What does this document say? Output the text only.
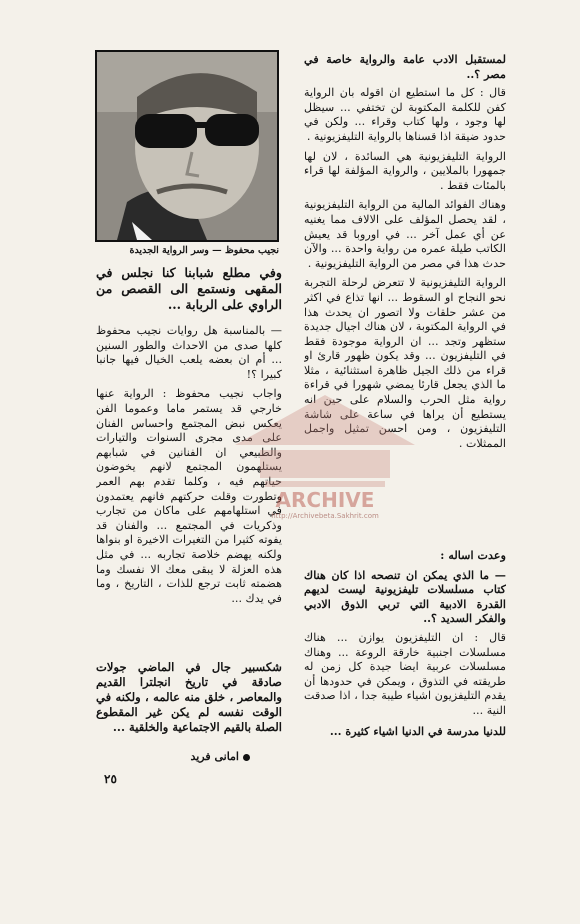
لمستقبل الادب عامة والرواية خاصة في مصر ؟..

قال : كل ما استطيع ان اقوله بان الرواية كفن للكلمة المكتوبة لن تختفي ... سيظل لها وجود ، ولها كتاب وقراء ... ولكن في حدود ضيقة اذا قسناها بالرواية التليفزيونية .

الرواية التليفزيونية هي السائدة ، لان لها جمهورا بالملايين ، والرواية المؤلفة لها قراء بالمئات فقط .

وهناك الفوائد المالية من الرواية التليفزيونية ، لقد يحصل المؤلف على الالاف مما يغنيه عن أي عمل آخر ... في اوروبا قد يعيش الكاتب طيلة عمره من رواية واحدة ... والآن حدث هذا في مصر من الرواية التليفزيونية .

الرواية التليفزيونية لا تتعرض لرحلة التجربة نحو النجاح او السقوط ... انها تذاع في اكثر من عشر حلقات ولا اتصور ان يحدث هذا في الرواية المكتوبة ، لان هناك اجيال جديدة ستظهر وتجد ... ان الرواية موجودة فقط في التليفزيون ... وقد يكون ظهور قارئ او قراء من ذلك الجيل ظاهرة استثنائية ، مثلا ما الذي يجعل قارئا يمضي شهورا في قراءة رواية مثل الحرب والسلام على حين انه يستطيع أن يراها في ساعة على شاشة التليفزيون ، ومن احسن تمثيل واجمل الممثلات .

نجيب محفوظ — وسر الرواية الجديدة
وفي مطلع شبابنا كنا نجلس في المقهى ونستمع الى القصص من الراوي على الربابة ...

— بالمناسبة هل روايات نجيب محفوظ كلها صدى من الاحداث والطور السنين ... أم ان بعضه يلعب الخيال فيها جانبا كبيرا ؟!

واجاب نجيب محفوظ : الرواية عنها خارجي قد يستمر ماما وعموما الفن يعكس نبض المجتمع واحساس الفنان على مدى مجرى السنوات والتيارات والطبيعي ان الفنانين في شبابهم يستلهمون المجتمع لانهم يخوضون حياتهم فيه ، وكلما تقدم بهم العمر وتطورت وقلت حركتهم فانهم يعتمدون في استلهامهم على ماكان من تجارب وذكريات في المجتمع ... والفنان قد يفوته كثيرا من التغيرات الاخيرة او بنواها ولكنه يهضم خلاصة تجاربه ... في مثل هذه العزلة لا يبقى معك الا نفسك وما هضمته ثابت ترجع للذات ، التاريخ ، وما في يدك ...

شكسبير جال في الماضي جولات صادقة في تاريخ انجلترا القديم والمعاصر ، خلق منه عالمه ، ولكنه في الوقت نفسه لم يكن غير المقطوع الصلة بالقيم الاجتماعية والخلقية ...

وعدت اساله :

— ما الذي يمكن ان تنصحه اذا كان هناك كتاب مسلسلات تليفزيونية ليست لديهم القدرة الادبية التي تربي الذوق الادبي والفكر السديد ؟..

قال : ان التليفزيون يوازن ... هناك مسلسلات اجنبية خارقة الروعة ... وهناك مسلسلات عربية ايضا جيدة كل زمن له طريقته في التذوق ، ويمكن في حدودها أن يقدم التليفزيون اشياء طيبة جدا ، اذا صدقت النية ...

للدنيا مدرسة في الدنيا اشياء كثيرة ...

امانى فريد
٢٥
ARCHIVE
http://Archivebeta.Sakhrit.com
